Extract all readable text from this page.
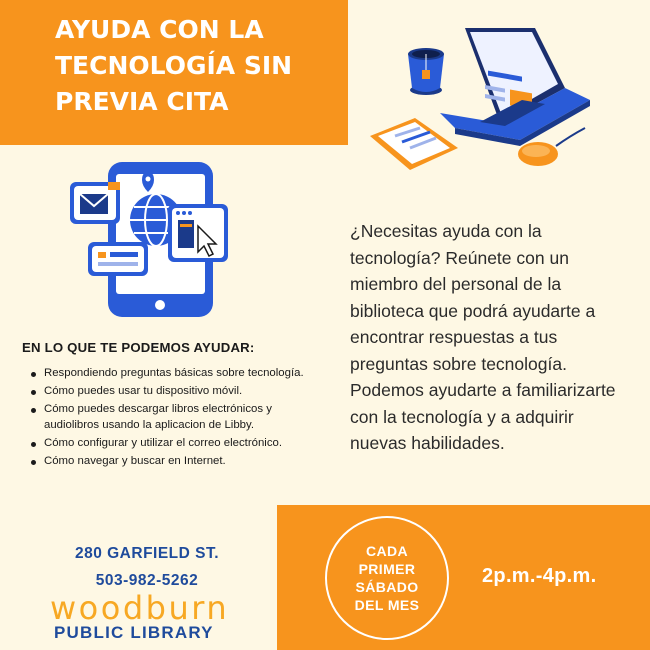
AYUDA CON LA TECNOLOGÍA SIN PREVIA CITA
¿Necesitas ayuda con la tecnología? Reúnete con un miembro del personal de la biblioteca que podrá ayudarte a encontrar respuestas a tus preguntas sobre tecnología. Podemos ayudarte a familiarizarte con la tecnología y a adquirir nuevas habilidades.
EN LO QUE TE PODEMOS AYUDAR:
Respondiendo preguntas básicas sobre tecnología.
Cómo puedes usar tu dispositivo móvil.
Cómo puedes descargar libros electrónicos y audiolibros usando la aplicacion de Libby.
Cómo configurar y utilizar el correo electrónico.
Cómo navegar y buscar en Internet.
280 GARFIELD ST.
503-982-5262
woodburn
PUBLIC LIBRARY
CADA PRIMER SÁBADO DEL MES
2p.m.-4p.m.
